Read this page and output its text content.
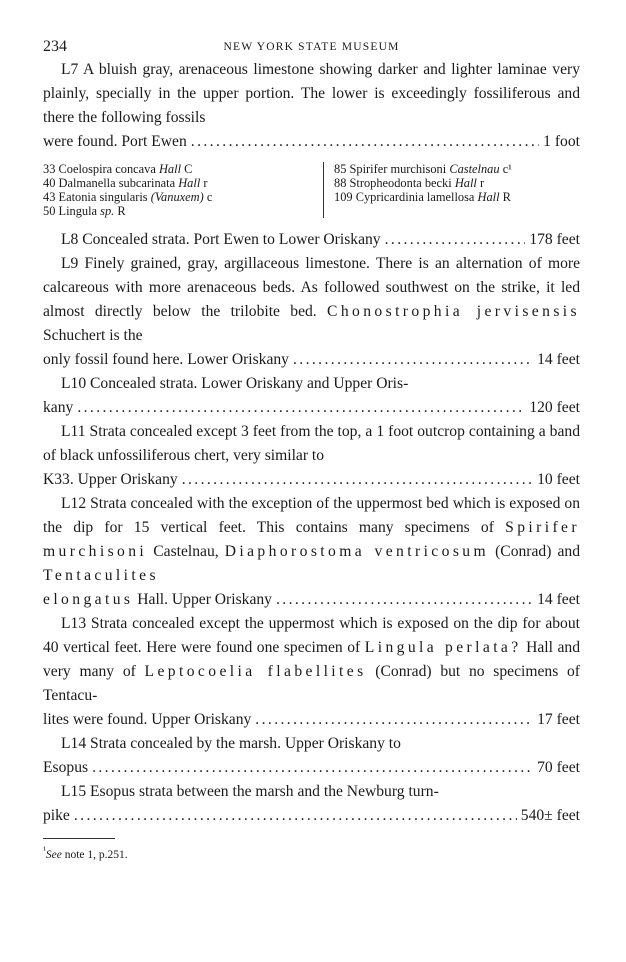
234	NEW YORK STATE MUSEUM

L7 A bluish gray, arenaceous limestone showing darker and lighter laminae very plainly, specially in the upper portion. The lower is exceedingly fossiliferous and there the following fossils

were found. Port Ewen .....	1 foot
33 Coelospira concava Hall C
40 Dalmanella subcarinata Hall r
43 Eatonia singularis (Vanuxem) c
50 Lingula sp. R
85 Spirifer murchisoni Castelnau c¹
88 Stropheodonta becki Hall r
109 Cypricardinia lamellosa Hall R
L8 Concealed strata. Port Ewen to Lower Oriskany .....	178 feet

L9 Finely grained, gray, argillaceous limestone. There is an alternation of more calcareous with more arenaceous beds. As followed southwest on the strike, it led almost directly below the trilobite bed. Chonostrophia jervisensis Schuchert is the

only fossil found here. Lower Oriskany .....	14 feet

L10 Concealed strata. Lower Oriskany and Upper Oris-

kany .....	120 feet

L11 Strata concealed except 3 feet from the top, a 1 foot outcrop containing a band of black unfossiliferous chert, very similar to

K33. Upper Oriskany .....	10 feet

L12 Strata concealed with the exception of the uppermost bed which is exposed on the dip for 15 vertical feet. This contains many specimens of Spirifer murchisoni Castelnau, Diaphorostoma ventricosum (Conrad) and Tentaculites

elongatus Hall. Upper Oriskany .....	14 feet

L13 Strata concealed except the uppermost which is exposed on the dip for about 40 vertical feet. Here were found one specimen of Lingula perlata? Hall and very many of Leptocoelia flabellites (Conrad) but no specimens of Tentacu-

lites were found. Upper Oriskany .....	17 feet

L14 Strata concealed by the marsh. Upper Oriskany to

Esopus .....	70 feet

L15 Esopus strata between the marsh and the Newburg turn-

pike .....	540± feet
$^{^1}$See note 1, p.251.
